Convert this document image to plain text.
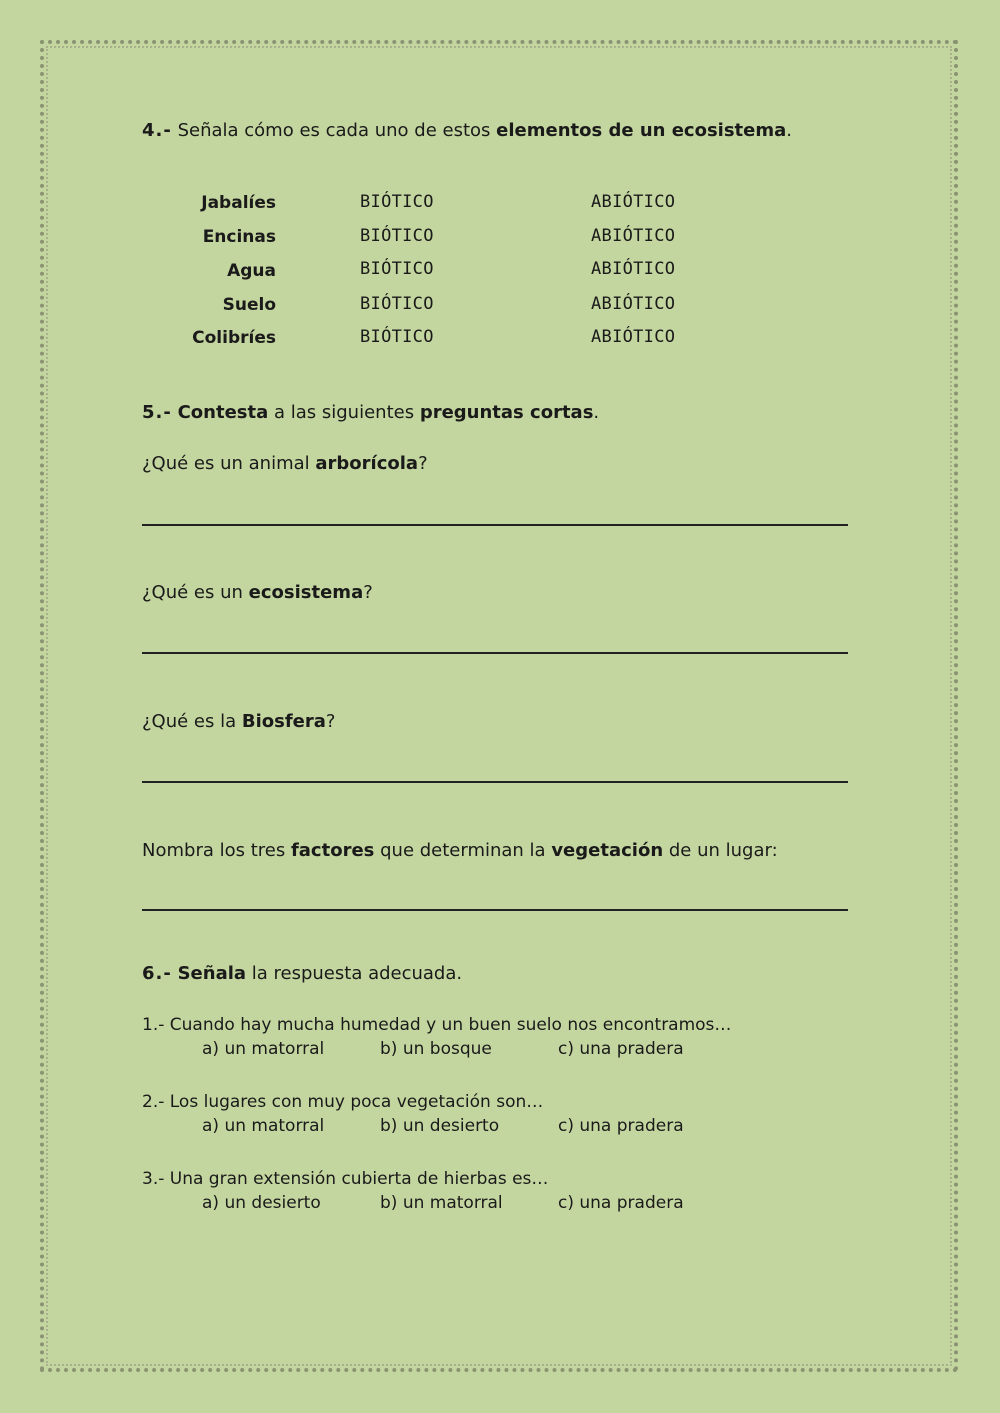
4.- Señala cómo es cada uno de estos elementos de un ecosistema.
Jabalíes	BIÓTICO	ABIÓTICO
Encinas	BIÓTICO	ABIÓTICO
Agua	BIÓTICO	ABIÓTICO
Suelo	BIÓTICO	ABIÓTICO
Colibríes	BIÓTICO	ABIÓTICO
5.- Contesta a las siguientes preguntas cortas.
¿Qué es un animal arborícola?
¿Qué es un ecosistema?
¿Qué es la Biosfera?
Nombra los tres factores que determinan la vegetación de un lugar:
6.- Señala la respuesta adecuada.
1.- Cuando hay mucha humedad y un buen suelo nos encontramos…
a) un matorral	b) un bosque	c) una pradera
2.- Los lugares con muy poca vegetación son…
a) un matorral	b) un desierto	c) una pradera
3.- Una gran extensión cubierta de hierbas es…
a) un desierto	b) un matorral	c) una pradera
